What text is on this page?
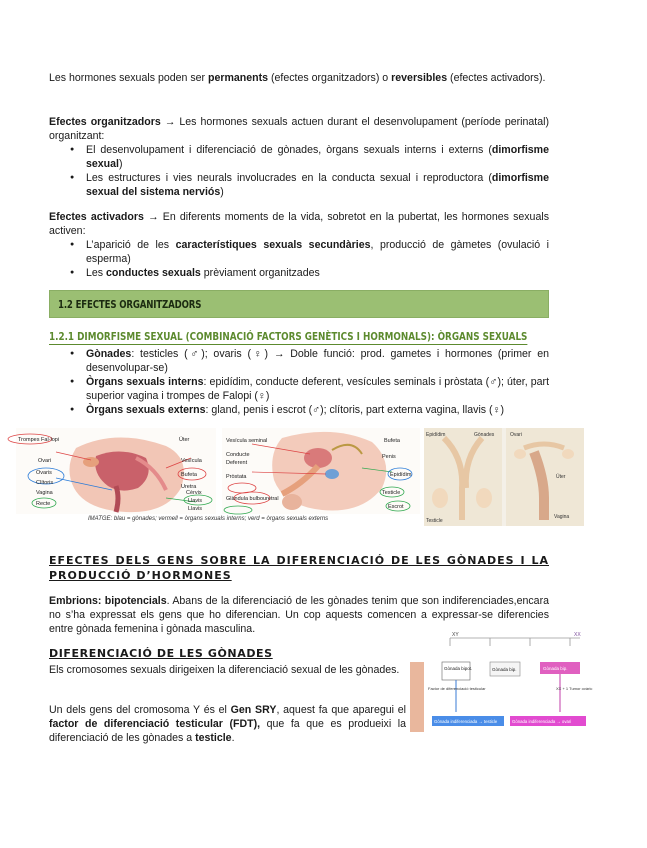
Les hormones sexuals poden ser permanents (efectes organitzadors) o reversibles (efectes activadors).

Efectes organitzadors → Les hormones sexuals actuen durant el desenvolupament (període perinatal) organitzant:

● El desenvolupament i diferenciació de gònades, òrgans sexuals interns i externs (dimorfisme sexual)
● Les estructures i vies neurals involucrades en la conducta sexual i reproductora (dimorfisme sexual del sistema nerviós)

Efectes activadors → En diferents moments de la vida, sobretot en la pubertat, les hormones sexuals activen:

● L’aparició de les característiques sexuals secundàries, producció de gàmetes (ovulació i esperma)
● Les conductes sexuals prèviament organitzades
1.2 EFECTES ORGANITZADORS
1.2.1 DIMORFISME SEXUAL (COMBINACIÓ FACTORS GENÈTICS I HORMONALS): ÒRGANS SEXUALS
● Gònades: testicles (♂); ovaris (♀) → Doble funció: prod. gametes i hormones (primer en desenvolupar-se)
● Òrgans sexuals interns: epidídim, conducte deferent, vesícules seminals i pròstata (♂); úter, part superior vagina i trompes de Falopi (♀)
● Òrgans sexuals externs: gland, penis i escrot (♂); clítoris, part externa vagina, llavis (♀)
Trompes Fal·lopi	Úter
Ovari	Vesícula
Ovaris	Bufeta
Clítoris
Uretra
Vagina	Cèrvix
Recte	Llavis
Llavis
Vesícula seminal	Bufeta
Conducte
Deferent
Pròstata
Glàndula bulbouretral
Penis
Epidídim
Testicle
Escrot
Epidídim	Gònades
Testicle
Ovari
Úter
Vagina
IMATGE: blau = gònades; vermell = òrgans sexuals interns; verd = òrgans sexuals externs
EFECTES DELS GENS SOBRE LA DIFERENCIACIÓ DE LES GÒNADES I LA PRODUCCIÓ D’HORMONES

Embrions: bipotencials. Abans de la diferenciació de les gònades tenim que son indiferenciades,encara no s’ha expressat els gens que ho diferencian. Un cop aquests comencen a expressar-se diferencies entre gònada femenina i gònada masculina.

DIFERENCIACIÓ DE LES GÒNADES

Els cromosomes sexuals dirigeixen la diferenciació sexual de les gònades.

Un dels gens del cromosoma Y és el Gen SRY, aquest fa que aparegui el factor de diferenciació testicular (FDT), que fa que es produeixi la diferenciació de les gònades a testicle.

XX
XY
Gònada bipot.	Gònada bip.	Gònada bip.
Factor de diferenciació testicular	XX + 1 Tumor ovàric
Gònada indiferenciada → testicle	Gònada indiferenciada → ovari
